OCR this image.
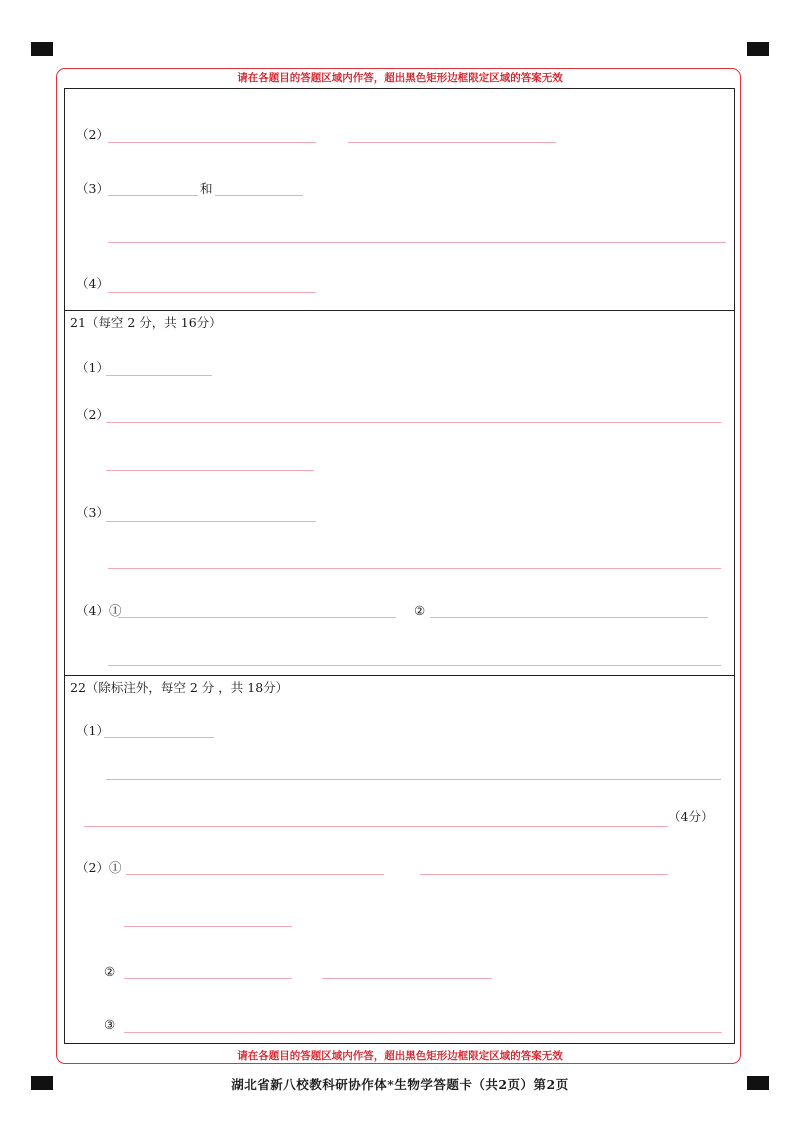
请在各题目的答题区域内作答，超出黑色矩形边框限定区域的答案无效
请在各题目的答题区域内作答，超出黑色矩形边框限定区域的答案无效
（2）
（3）	和
（4）
21（每空 2 分，共 16分）
（1）
（2）
（3）
（4）①	②
22（除标注外，每空 2 分 ，共 18分）
（1）
（4分）
（2）①
②
③
湖北省新八校教科研协作体*生物学答题卡（共2页）第2页
